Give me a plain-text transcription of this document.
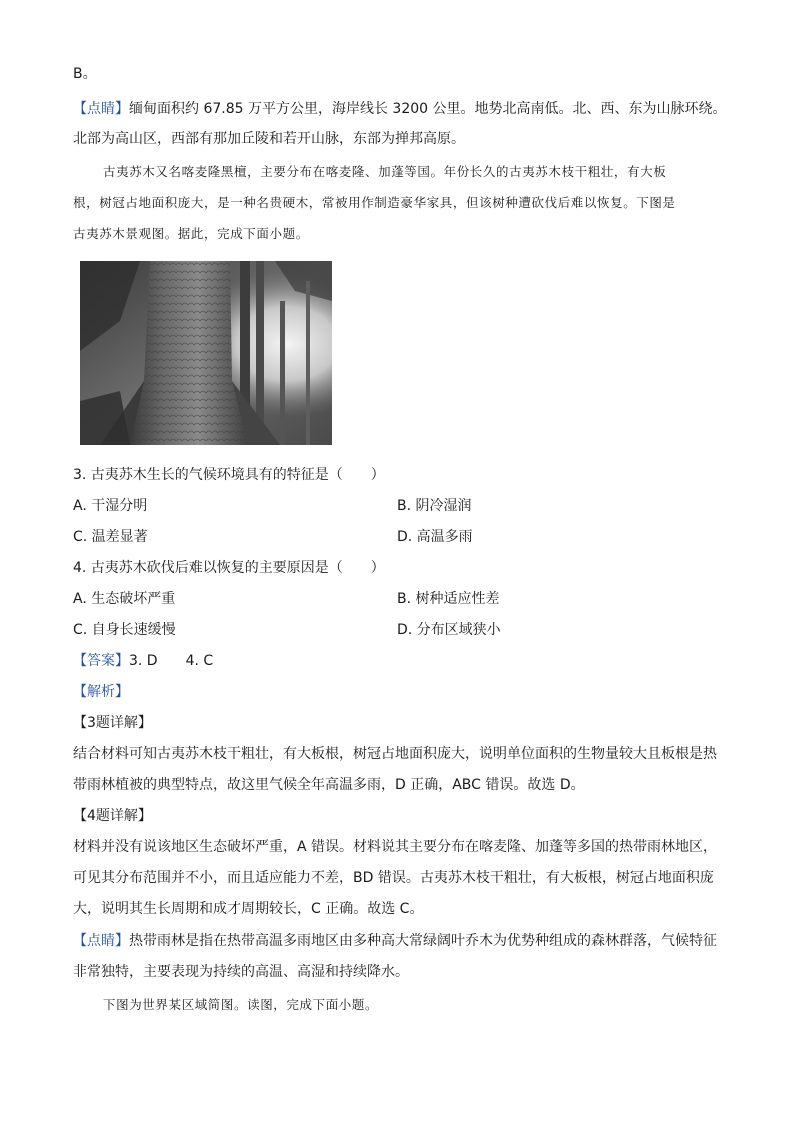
B。
【点睛】缅甸面积约 67.85 万平方公里，海岸线长 3200 公里。地势北高南低。北、西、东为山脉环绕。
北部为高山区，西部有那加丘陵和若开山脉，东部为掸邦高原。
古夷苏木又名喀麦隆黑檀，主要分布在喀麦隆、加蓬等国。年份长久的古夷苏木枝干粗壮，有大板
根，树冠占地面积庞大，是一种名贵硬木，常被用作制造豪华家具，但该树种遭砍伐后难以恢复。下图是
古夷苏木景观图。据此，完成下面小题。
3. 古夷苏木生长的气候环境具有的特征是（　　）
A. 干湿分明	B. 阴冷湿润
C. 温差显著	D. 高温多雨
4. 古夷苏木砍伐后难以恢复的主要原因是（　　）
A. 生态破坏严重	B. 树种适应性差
C. 自身长速缓慢	D. 分布区域狭小
【答案】3. D　　4. C
【解析】
【3题详解】
结合材料可知古夷苏木枝干粗壮，有大板根，树冠占地面积庞大，说明单位面积的生物量较大且板根是热
带雨林植被的典型特点，故这里气候全年高温多雨，D 正确，ABC 错误。故选 D。
【4题详解】
材料并没有说该地区生态破坏严重，A 错误。材料说其主要分布在喀麦隆、加蓬等多国的热带雨林地区，
可见其分布范围并不小，而且适应能力不差，BD 错误。古夷苏木枝干粗壮，有大板根，树冠占地面积庞
大，说明其生长周期和成才周期较长，C 正确。故选 C。
【点睛】热带雨林是指在热带高温多雨地区由多种高大常绿阔叶乔木为优势种组成的森林群落，气候特征
非常独特，主要表现为持续的高温、高湿和持续降水。
下图为世界某区域简图。读图，完成下面小题。
